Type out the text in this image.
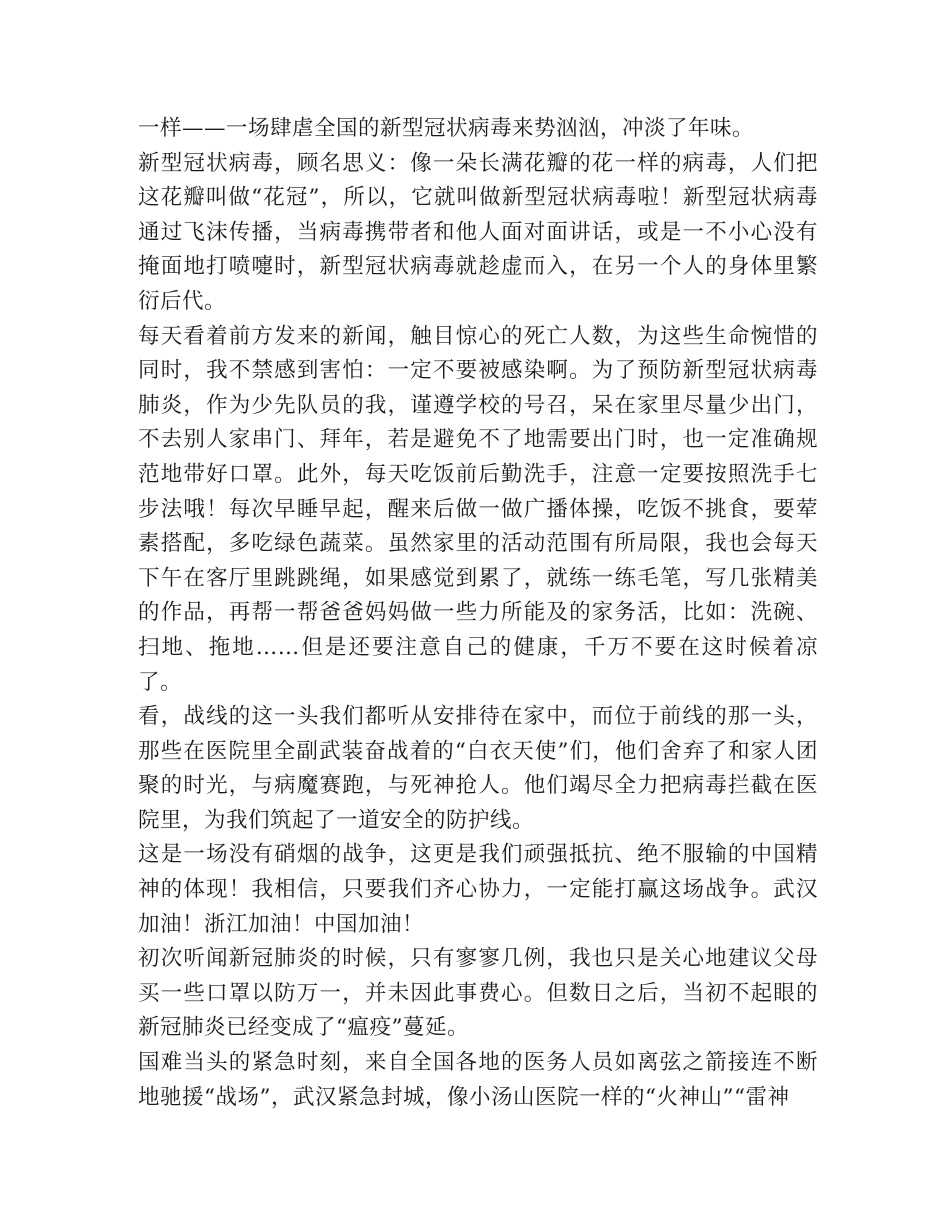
一样——一场肆虐全国的新型冠状病毒来势汹汹，冲淡了年味。

新型冠状病毒，顾名思义：像一朵长满花瓣的花一样的病毒，人们把这花瓣叫做“花冠”，所以，它就叫做新型冠状病毒啦！新型冠状病毒通过飞沫传播，当病毒携带者和他人面对面讲话，或是一不小心没有掩面地打喷嚏时，新型冠状病毒就趁虚而入，在另一个人的身体里繁衍后代。

每天看着前方发来的新闻，触目惊心的死亡人数，为这些生命惋惜的同时，我不禁感到害怕：一定不要被感染啊。为了预防新型冠状病毒肺炎，作为少先队员的我，谨遵学校的号召，呆在家里尽量少出门，不去别人家串门、拜年，若是避免不了地需要出门时，也一定准确规范地带好口罩。此外，每天吃饭前后勤洗手，注意一定要按照洗手七步法哦！每次早睡早起，醒来后做一做广播体操，吃饭不挑食，要荤素搭配，多吃绿色蔬菜。虽然家里的活动范围有所局限，我也会每天下午在客厅里跳跳绳，如果感觉到累了，就练一练毛笔，写几张精美的作品，再帮一帮爸爸妈妈做一些力所能及的家务活，比如：洗碗、扫地、拖地……但是还要注意自己的健康，千万不要在这时候着凉了。

看，战线的这一头我们都听从安排待在家中，而位于前线的那一头，那些在医院里全副武装奋战着的“白衣天使”们，他们舍弃了和家人团聚的时光，与病魔赛跑，与死神抢人。他们竭尽全力把病毒拦截在医院里，为我们筑起了一道安全的防护线。

这是一场没有硝烟的战争，这更是我们顽强抵抗、绝不服输的中国精神的体现！我相信，只要我们齐心协力，一定能打赢这场战争。武汉加油！浙江加油！中国加油！

初次听闻新冠肺炎的时候，只有寥寥几例，我也只是关心地建议父母买一些口罩以防万一，并未因此事费心。但数日之后，当初不起眼的新冠肺炎已经变成了“瘟疫”蔓延。

国难当头的紧急时刻，来自全国各地的医务人员如离弦之箭接连不断地驰援“战场”，武汉紧急封城，像小汤山医院一样的“火神山”“雷神
